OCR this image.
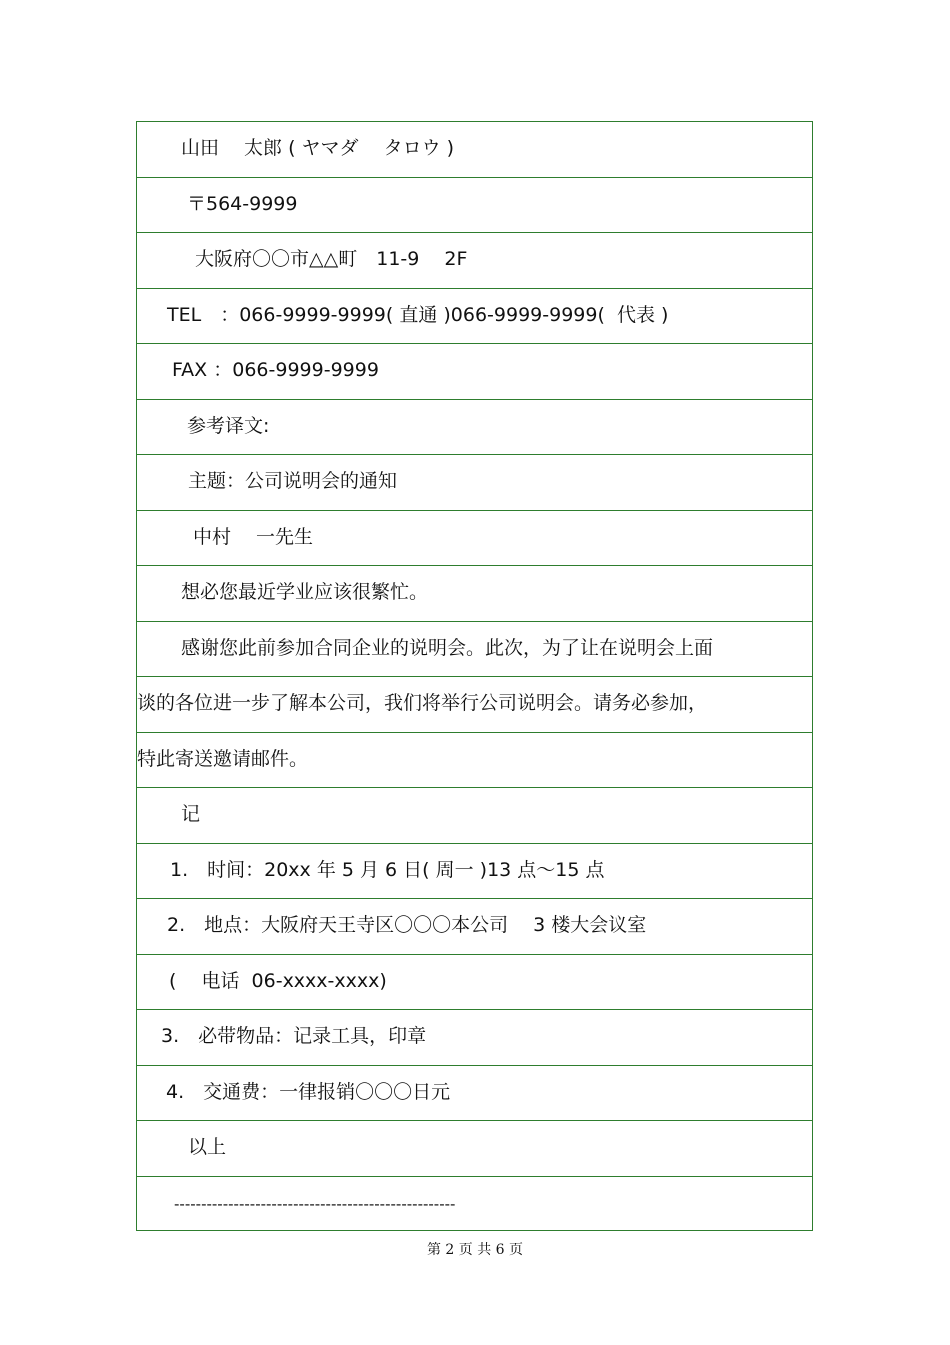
山田　 太郎 ( ヤマダ　 タロウ )
〒564-9999
大阪府〇〇市△△町　11-9　 2F
TEL　：066-9999-9999( 直通 )066-9999-9999(  代表 )
FAX ：066-9999-9999
参考译文:
主题：公司说明会的通知
中村　 一先生
想必您最近学业应该很繁忙。
感谢您此前参加合同企业的说明会。此次，为了让在说明会上面
谈的各位进一步了解本公司，我们将举行公司说明会。请务必参加，
特此寄送邀请邮件。
记
1.　时间：20xx 年 5 月 6 日( 周一 )13 点～15 点
2.　地点：大阪府天王寺区〇〇〇本公司　 3 楼大会议室
(　 电话  06-xxxx-xxxx)
3.　必带物品：记录工具，印章
4.　交通费：一律报销〇〇〇日元
以上
----------------------------------------------------
第 2 页 共 6 页
